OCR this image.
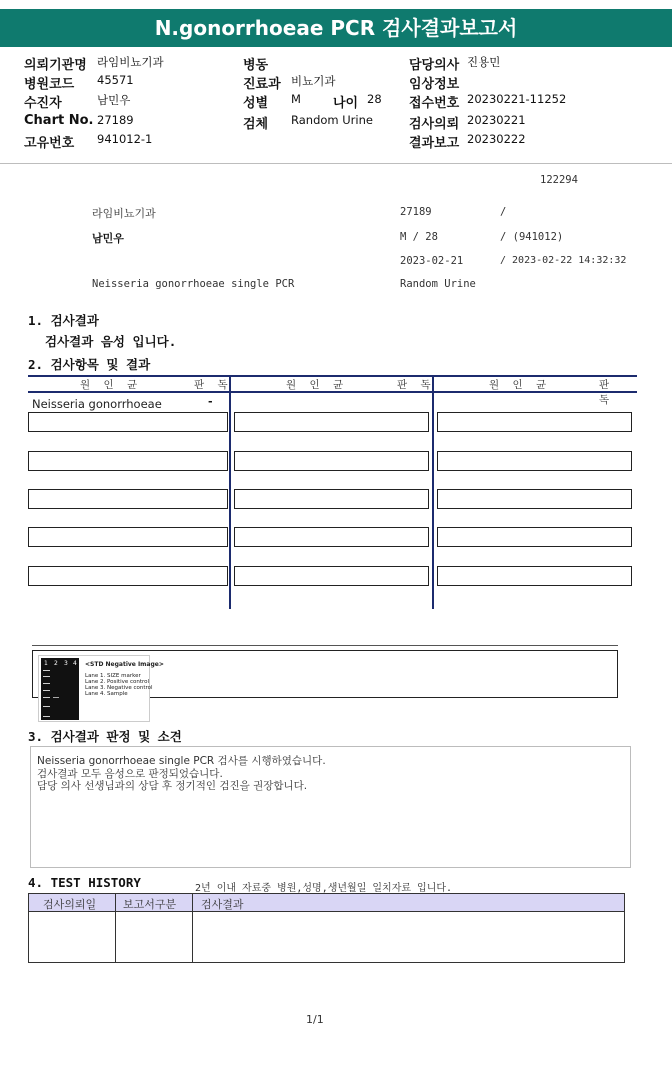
N.gonorrhoeae PCR 검사결과보고서
의뢰기관명 라임비뇨기과	병동	담당의사 진용민
병원코드 45571	진료과 비뇨기과	임상정보
수진자	남민우	성별 M 나이 28 접수번호 20230221-11252
Chart No. 27189	검체 Random Urine	검사의뢰 20230221
고유번호 941012-1	결과보고 20230222
122294
라임비뇨기과	27189	/
남민우	M / 28	/ (941012)
2023-02-21	/ 2023-02-22 14:32:32
Neisseria gonorrhoeae single PCR	Random Urine
1. 검사결과
검사결과 음성 입니다.
2. 검사항목 및 결과
원 인 균	판 독	원 인 균	판 독	원 인 균	판 독
Neisseria gonorrhoeae	-
1 2 3 4 <STD Negative Image>
Lane 1. SIZE marker
Lane 2. Positive control
Lane 3. Negative control
Lane 4. Sample
3. 검사결과 판정 및 소견
Neisseria gonorrhoeae single PCR 검사를 시행하였습니다.
검사결과 모두 음성으로 판정되었습니다.
담당 의사 선생님과의 상담 후 정기적인 검진을 권장합니다.
4. TEST HISTORY	2년 이내 자료중 병원,성명,생년월일 일치자료 입니다.
검사의뢰일 보고서구분 검사결과
1/1
